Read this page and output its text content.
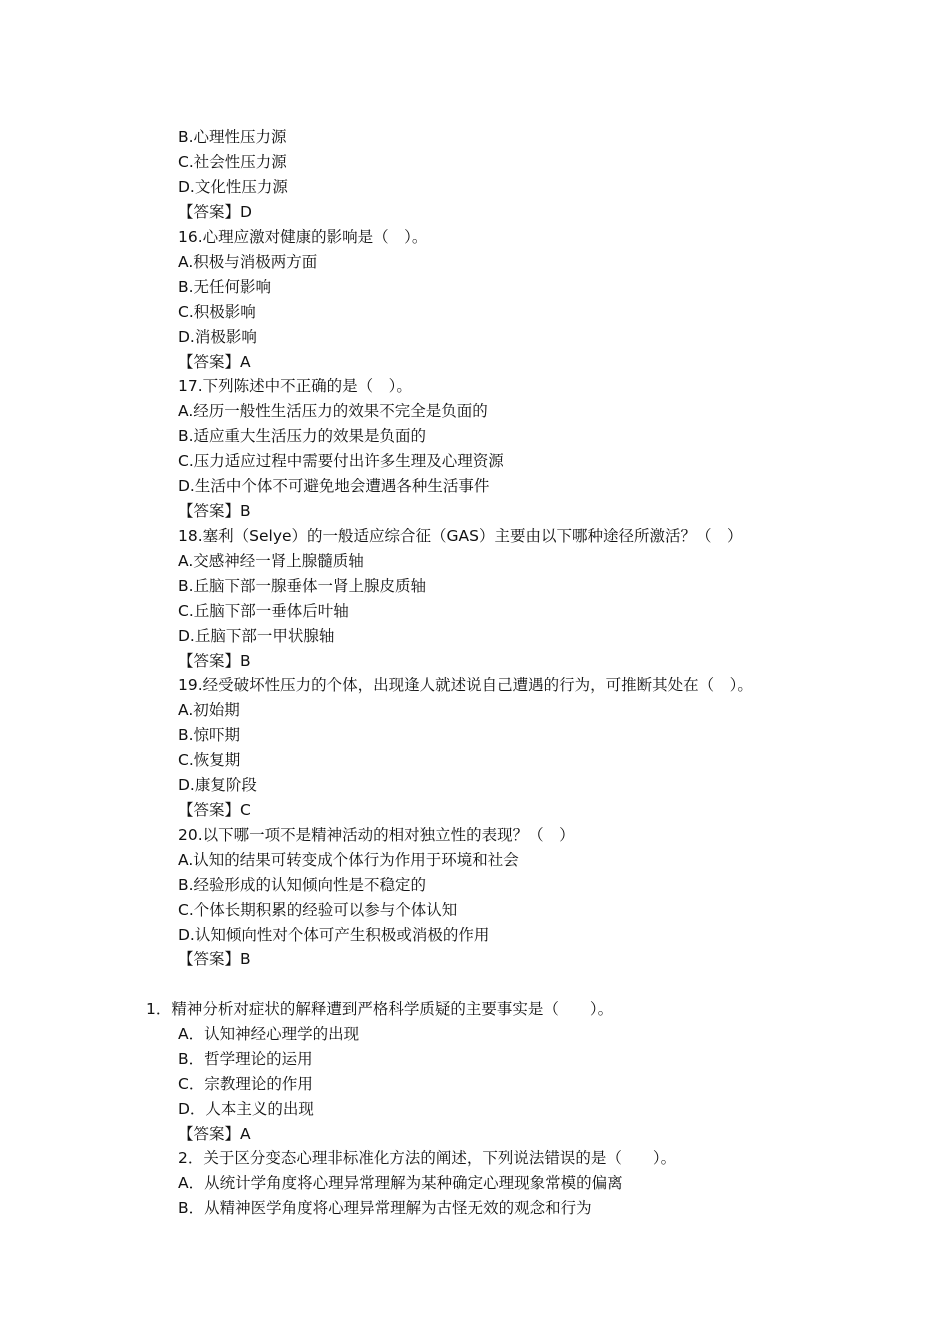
B.心理性压力源
C.社会性压力源
D.文化性压力源
【答案】D
16.心理应激对健康的影响是（　）。
A.积极与消极两方面
B.无任何影响
C.积极影响
D.消极影响
【答案】A
17.下列陈述中不正确的是（　）。
A.经历一般性生活压力的效果不完全是负面的
B.适应重大生活压力的效果是负面的
C.压力适应过程中需要付出许多生理及心理资源
D.生活中个体不可避免地会遭遇各种生活事件
【答案】B
18.塞利（Selye）的一般适应综合征（GAS）主要由以下哪种途径所激活？（　）
A.交感神经一肾上腺髓质轴
B.丘脑下部一腺垂体一肾上腺皮质轴
C.丘脑下部一垂体后叶轴
D.丘脑下部一甲状腺轴
【答案】B
19.经受破坏性压力的个体，出现逢人就述说自己遭遇的行为，可推断其处在（　）。
A.初始期
B.惊吓期
C.恢复期
D.康复阶段
【答案】C
20.以下哪一项不是精神活动的相对独立性的表现？（　）
A.认知的结果可转变成个体行为作用于环境和社会
B.经验形成的认知倾向性是不稳定的
C.个体长期积累的经验可以参与个体认知
D.认知倾向性对个体可产生积极或消极的作用
【答案】B
1．精神分析对症状的解释遭到严格科学质疑的主要事实是（　　）。
A．认知神经心理学的出现
B．哲学理论的运用
C．宗教理论的作用
D．人本主义的出现
【答案】A
2．关于区分变态心理非标准化方法的阐述，下列说法错误的是（　　）。
A．从统计学角度将心理异常理解为某种确定心理现象常模的偏离
B．从精神医学角度将心理异常理解为古怪无效的观念和行为
